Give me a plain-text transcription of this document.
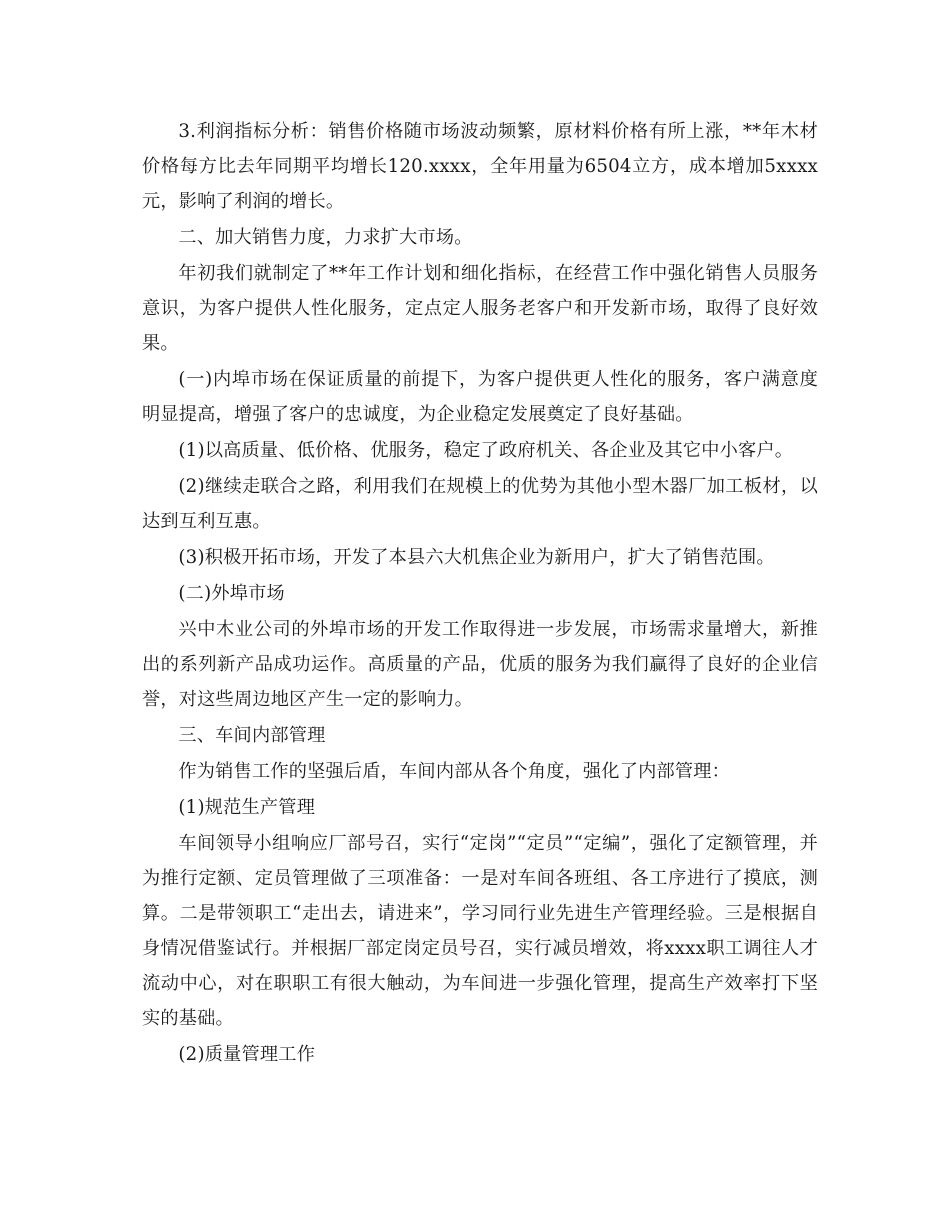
3.利润指标分析：销售价格随市场波动频繁，原材料价格有所上涨，**年木材价格每方比去年同期平均增长120.xxxx，全年用量为6504立方，成本增加5xxxx元，影响了利润的增长。

二、加大销售力度，力求扩大市场。

年初我们就制定了**年工作计划和细化指标，在经营工作中强化销售人员服务意识，为客户提供人性化服务，定点定人服务老客户和开发新市场，取得了良好效果。

(一)内埠市场在保证质量的前提下，为客户提供更人性化的服务，客户满意度明显提高，增强了客户的忠诚度，为企业稳定发展奠定了良好基础。

(1)以高质量、低价格、优服务，稳定了政府机关、各企业及其它中小客户。

(2)继续走联合之路，利用我们在规模上的优势为其他小型木器厂加工板材，以达到互利互惠。

(3)积极开拓市场，开发了本县六大机焦企业为新用户，扩大了销售范围。

(二)外埠市场

兴中木业公司的外埠市场的开发工作取得进一步发展，市场需求量增大，新推出的系列新产品成功运作。高质量的产品，优质的服务为我们赢得了良好的企业信誉，对这些周边地区产生一定的影响力。

三、车间内部管理

作为销售工作的坚强后盾，车间内部从各个角度，强化了内部管理：

(1)规范生产管理

车间领导小组响应厂部号召，实行“定岗”“定员”“定编”，强化了定额管理，并为推行定额、定员管理做了三项准备：一是对车间各班组、各工序进行了摸底，测算。二是带领职工“走出去，请进来”，学习同行业先进生产管理经验。三是根据自身情况借鉴试行。并根据厂部定岗定员号召，实行减员增效，将xxxx职工调往人才流动中心，对在职职工有很大触动，为车间进一步强化管理，提高生产效率打下坚实的基础。

(2)质量管理工作
